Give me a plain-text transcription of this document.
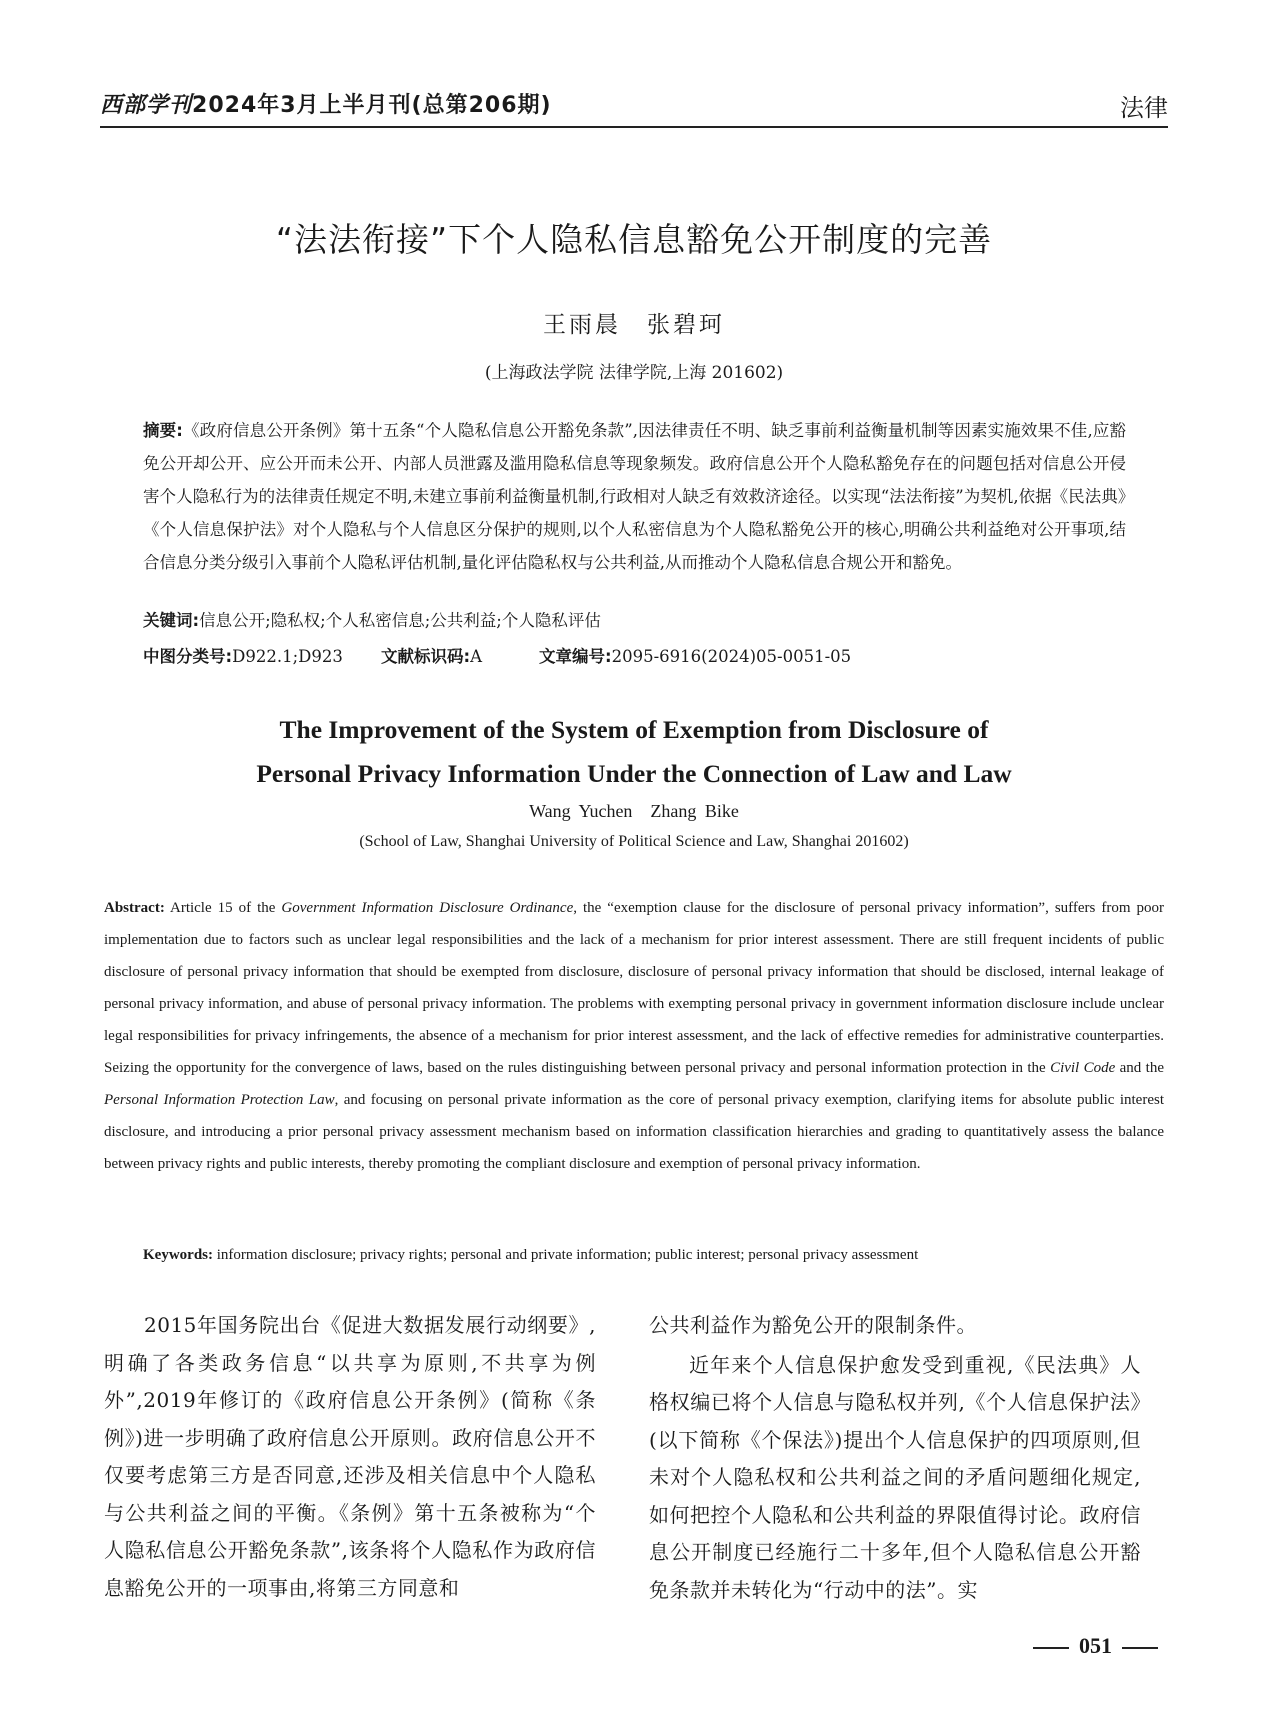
西部学刊2024年3月上半月刊(总第206期)	法律
“法法衔接”下个人隐私信息豁免公开制度的完善
王雨晨　张碧珂
(上海政法学院 法律学院,上海 201602)
摘要:《政府信息公开条例》第十五条“个人隐私信息公开豁免条款”,因法律责任不明、缺乏事前利益衡量机制等因素实施效果不佳,应豁免公开却公开、应公开而未公开、内部人员泄露及滥用隐私信息等现象频发。政府信息公开个人隐私豁免存在的问题包括对信息公开侵害个人隐私行为的法律责任规定不明,未建立事前利益衡量机制,行政相对人缺乏有效救济途径。以实现“法法衔接”为契机,依据《民法典》《个人信息保护法》对个人隐私与个人信息区分保护的规则,以个人私密信息为个人隐私豁免公开的核心,明确公共利益绝对公开事项,结合信息分类分级引入事前个人隐私评估机制,量化评估隐私权与公共利益,从而推动个人隐私信息合规公开和豁免。
关键词:信息公开;隐私权;个人私密信息;公共利益;个人隐私评估
中图分类号:D922.1;D923 文献标识码:A	文章编号:2095-6916(2024)05-0051-05
The Improvement of the System of Exemption from Disclosure of
Personal Privacy Information Under the Connection of Law and Law
Wang Yuchen　Zhang Bike
(School of Law, Shanghai University of Political Science and Law, Shanghai 201602)
Abstract: Article 15 of the Government Information Disclosure Ordinance, the “exemption clause for the disclosure of personal privacy information”, suffers from poor implementation due to factors such as unclear legal responsibilities and the lack of a mechanism for prior interest assessment. There are still frequent incidents of public disclosure of personal privacy information that should be exempted from disclosure, disclosure of personal privacy information that should be disclosed, internal leakage of personal privacy information, and abuse of personal privacy information. The problems with exempting personal privacy in government information disclosure include unclear legal responsibilities for privacy infringements, the absence of a mechanism for prior interest assessment, and the lack of effective remedies for administrative counterparties. Seizing the opportunity for the convergence of laws, based on the rules distinguishing between personal privacy and personal information protection in the Civil Code and the Personal Information Protection Law, and focusing on personal private information as the core of personal privacy exemption, clarifying items for absolute public interest disclosure, and introducing a prior personal privacy assessment mechanism based on information classification hierarchies and grading to quantitatively assess the balance between privacy rights and public interests, thereby promoting the compliant disclosure and exemption of personal privacy information.
Keywords: information disclosure; privacy rights; personal and private information; public interest; personal privacy assessment

2015年国务院出台《促进大数据发展行动纲要》,明确了各类政务信息“以共享为原则,不共享为例外”,2019年修订的《政府信息公开条例》(简称《条例》)进一步明确了政府信息公开原则。政府信息公开不仅要考虑第三方是否同意,还涉及相关信息中个人隐私与公共利益之间的平衡。《条例》第十五条被称为“个人隐私信息公开豁免条款”,该条将个人隐私作为政府信息豁免公开的一项事由,将第三方同意和

公共利益作为豁免公开的限制条件。

近年来个人信息保护愈发受到重视,《民法典》人格权编已将个人信息与隐私权并列,《个人信息保护法》(以下简称《个保法》)提出个人信息保护的四项原则,但未对个人隐私权和公共利益之间的矛盾问题细化规定,如何把控个人隐私和公共利益的界限值得讨论。政府信息公开制度已经施行二十多年,但个人隐私信息公开豁免条款并未转化为“行动中的法”。实

051
